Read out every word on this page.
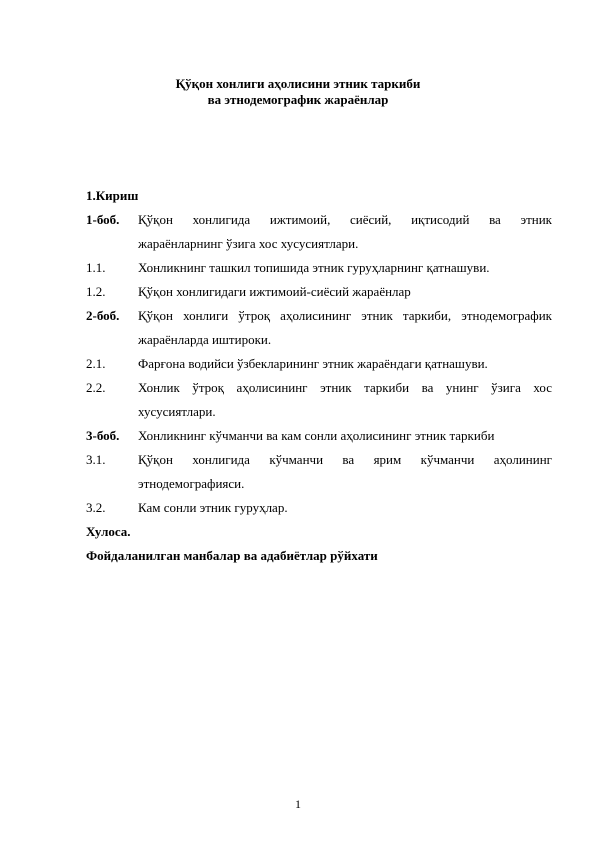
Қўқон хонлиги аҳолисини этник таркиби
ва этнодемографик жараёнлар
1.Кириш
1-боб.	Қўқон хонлигида ижтимоий, сиёсий, иқтисодий ва этник
жараёнларнинг ўзига хос хусусиятлари.
1.1.	Хонликнинг ташкил топишида этник гуруҳларнинг қатнашуви.
1.2.	Қўқон хонлигидаги ижтимоий-сиёсий жараёнлар
2-боб.	Қўқон хонлиги ўтроқ аҳолисининг этник таркиби, этнодемографик
жараёнларда иштироки.
2.1.	Фарғона водийси ўзбекларининг этник жараёндаги қатнашуви.
2.2.	Хонлик ўтроқ аҳолисининг этник таркиби ва унинг ўзига хос
хусусиятлари.
3-боб.	Хонликнинг кўчманчи ва кам сонли аҳолисининг этник таркиби
3.1.	Қўқон хонлигида кўчманчи ва ярим кўчманчи аҳолининг
этнодемографияси.
3.2.	Кам сонли этник гуруҳлар.
Хулоса.
Фойдаланилган манбалар ва адабиётлар рўйхати
1
